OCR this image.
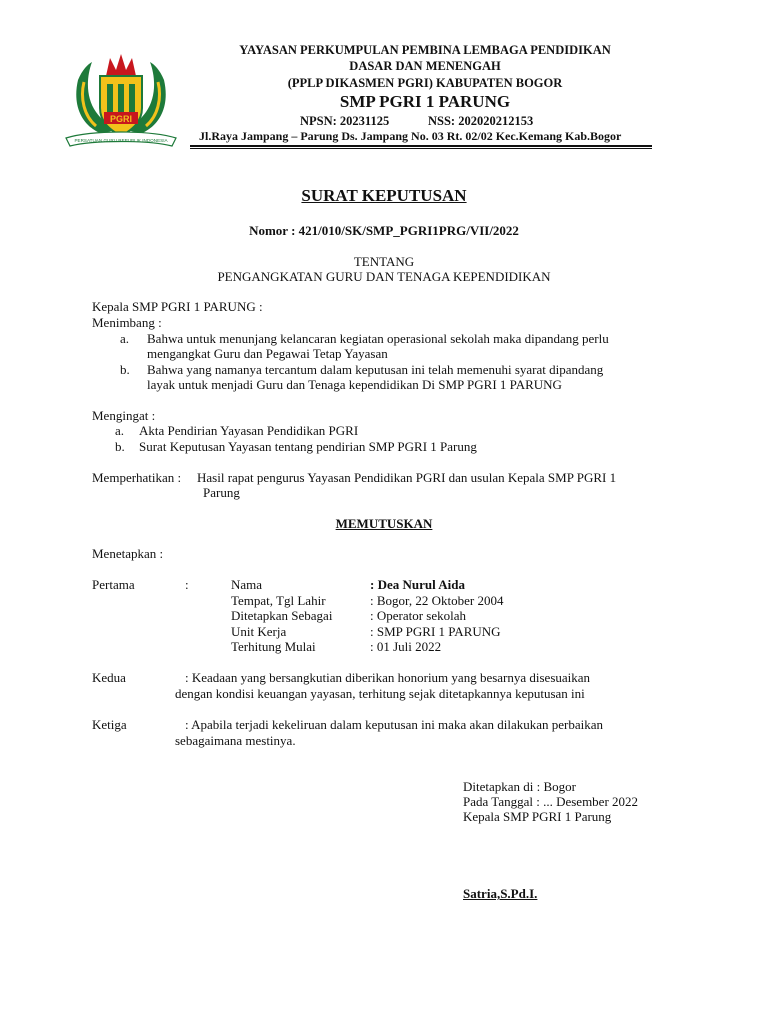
PGRI
PERSATUAN GURU REPUBLIK INDONESIA
YAYASAN PERKUMPULAN PEMBINA LEMBAGA PENDIDIKAN
DASAR DAN MENENGAH
(PPLP DIKASMEN PGRI) KABUPATEN BOGOR
SMP PGRI 1 PARUNG
NPSN: 20231125	NSS: 202020212153
Jl.Raya Jampang – Parung Ds. Jampang No. 03 Rt. 02/02 Kec.Kemang Kab.Bogor
SURAT KEPUTUSAN
Nomor : 421/010/SK/SMP_PGRI1PRG/VII/2022
TENTANG
PENGANGKATAN GURU DAN TENAGA KEPENDIDIKAN
Kepala SMP PGRI 1 PARUNG :
Menimbang :
a. Bahwa untuk menunjang kelancaran kegiatan operasional sekolah maka dipandang perlu
mengangkat Guru dan Pegawai Tetap Yayasan
b. Bahwa yang namanya tercantum dalam keputusan ini telah memenuhi syarat dipandang
layak untuk menjadi Guru dan Tenaga kependidikan Di SMP PGRI 1 PARUNG
Mengingat :
a. Akta Pendirian Yayasan Pendidikan PGRI
b. Surat Keputusan Yayasan tentang pendirian SMP PGRI 1 Parung
Memperhatikan : Hasil rapat pengurus Yayasan Pendidikan PGRI dan usulan Kepala SMP PGRI 1
Parung
MEMUTUSKAN
Menetapkan :
Pertama	:	Nama	: Dea Nurul Aida
Tempat, Tgl Lahir	: Bogor, 22 Oktober 2004
Ditetapkan Sebagai	: Operator sekolah
Unit Kerja	: SMP PGRI 1 PARUNG
Terhitung Mulai	: 01 Juli 2022
Kedua	: Keadaan yang bersangkutian diberikan honorium yang besarnya disesuaikan
dengan kondisi keuangan yayasan, terhitung sejak ditetapkannya keputusan ini
Ketiga	: Apabila terjadi kekeliruan dalam keputusan ini maka akan dilakukan perbaikan
sebagaimana mestinya.
Ditetapkan di : Bogor
Pada Tanggal : ... Desember 2022
Kepala SMP PGRI 1 Parung
Satria,S.Pd.I.
